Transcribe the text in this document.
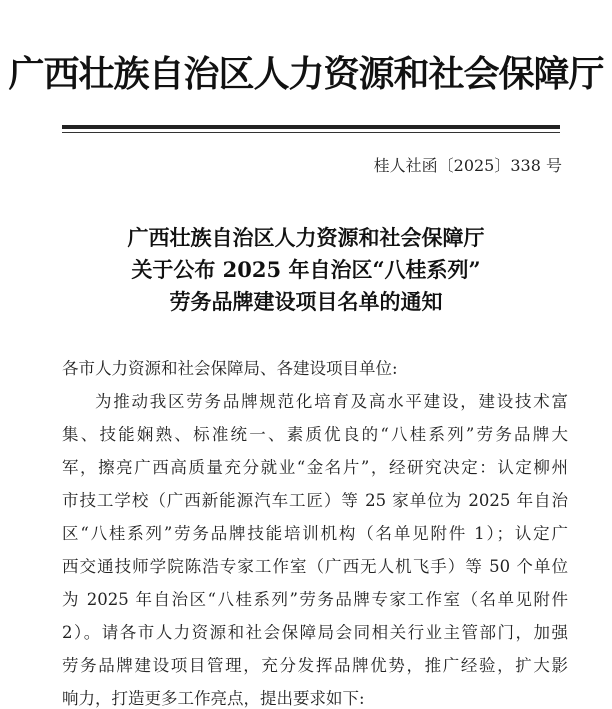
广西壮族自治区人力资源和社会保障厅
桂人社函〔2025〕338 号
广西壮族自治区人力资源和社会保障厅
关于公布 2025 年自治区“八桂系列”
劳务品牌建设项目名单的通知
各市人力资源和社会保障局、各建设项目单位:
为推动我区劳务品牌规范化培育及高水平建设，建设技术富
集、技能娴熟、标准统一、素质优良的“八桂系列”劳务品牌大
军，擦亮广西高质量充分就业“金名片”，经研究决定：认定柳州
市技工学校（广西新能源汽车工匠）等 25 家单位为 2025 年自治
区“八桂系列”劳务品牌技能培训机构（名单见附件 1）；认定广
西交通技师学院陈浩专家工作室（广西无人机飞手）等 50 个单位
为 2025 年自治区“八桂系列”劳务品牌专家工作室（名单见附件
2）。请各市人力资源和社会保障局会同相关行业主管部门，加强
劳务品牌建设项目管理，充分发挥品牌优势，推广经验，扩大影
响力，打造更多工作亮点，提出要求如下:
